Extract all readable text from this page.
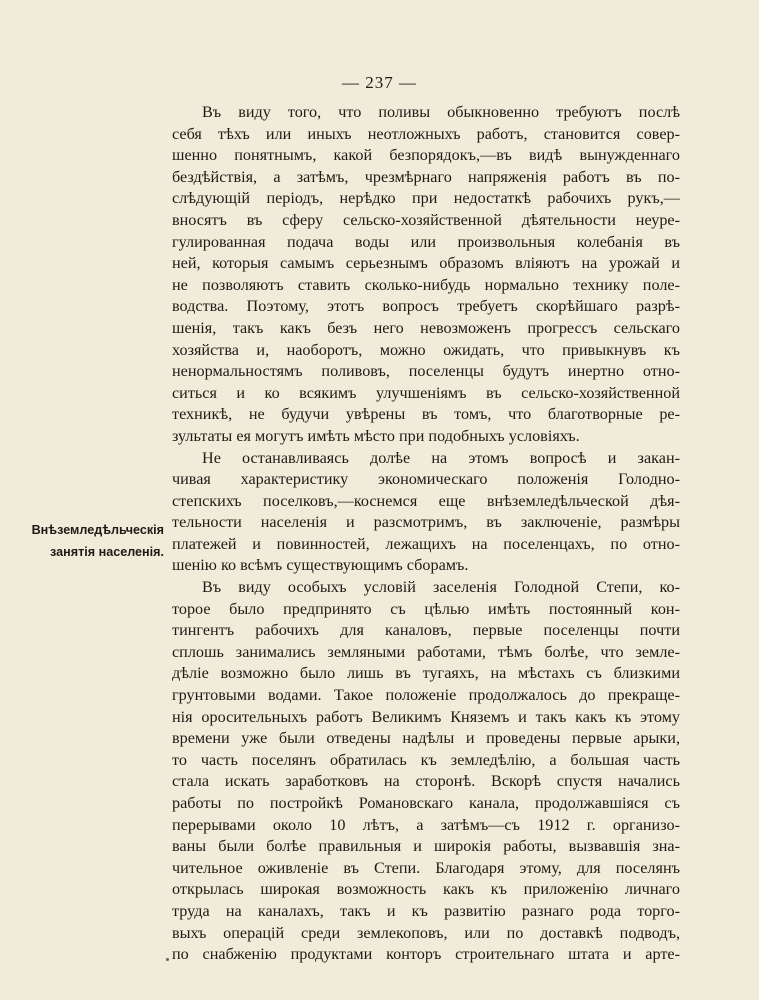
— 237 —
Внѣземледѣльческія
занятія населенія.
Въ виду того, что поливы обыкновенно требуютъ послѣ
себя тѣхъ или иныхъ неотложныхъ работъ, становится совер-
шенно понятнымъ, какой безпорядокъ,—въ видѣ вынужденнаго
бездѣйствія, а затѣмъ, чрезмѣрнаго напряженія работъ въ по-
слѣдующій періодъ, нерѣдко при недостаткѣ рабочихъ рукъ,—
вносятъ въ сферу сельско-хозяйственной дѣятельности неуре-
гулированная подача воды или произвольныя колебанія въ
ней, которыя самымъ серьезнымъ образомъ вліяютъ на урожай и
не позволяютъ ставить сколько-нибудь нормально технику поле-
водства. Поэтому, этотъ вопросъ требуетъ скорѣйшаго разрѣ-
шенія, такъ какъ безъ него невозможенъ прогрессъ сельскаго
хозяйства и, наоборотъ, можно ожидать, что привыкнувъ къ
ненормальностямъ поливовъ, поселенцы будутъ инертно отно-
ситься и ко всякимъ улучшеніямъ въ сельско-хозяйственной
техникѣ, не будучи увѣрены въ томъ, что благотворные ре-
зультаты ея могутъ имѣть мѣсто при подобныхъ условіяхъ.
Не останавливаясь долѣе на этомъ вопросѣ и закан-
чивая характеристику экономическаго положенія Голодно-
степскихъ поселковъ,—коснемся еще внѣземледѣльческой дѣя-
тельности населенія и разсмотримъ, въ заключеніе, размѣры
платежей и повинностей, лежащихъ на поселенцахъ, по отно-
шенію ко всѣмъ существующимъ сборамъ.
Въ виду особыхъ условій заселенія Голодной Степи, ко-
торое было предпринято съ цѣлью имѣть постоянный кон-
тингентъ рабочихъ для каналовъ, первые поселенцы почти
сплошь занимались земляными работами, тѣмъ болѣе, что земле-
дѣліе возможно было лишь въ тугаяхъ, на мѣстахъ съ близкими
грунтовыми водами. Такое положеніе продолжалось до прекраще-
нія оросительныхъ работъ Великимъ Княземъ и такъ какъ къ этому
времени уже были отведены надѣлы и проведены первые арыки,
то часть поселянъ обратилась къ земледѣлію, а большая часть
стала искать заработковъ на сторонѣ. Вскорѣ спустя начались
работы по постройкѣ Романовскаго канала, продолжавшіяся съ
перерывами около 10 лѣтъ, а затѣмъ—съ 1912 г. организо-
ваны были болѣе правильныя и широкія работы, вызвавшія зна-
чительное оживленіе въ Степи. Благодаря этому, для поселянъ
открылась широкая возможность какъ къ приложенію личнаго
труда на каналахъ, такъ и къ развитію разнаго рода торго-
выхъ операцій среди землекоповъ, или по доставкѣ подводъ,
по снабженію продуктами конторъ строительнаго штата и арте-
